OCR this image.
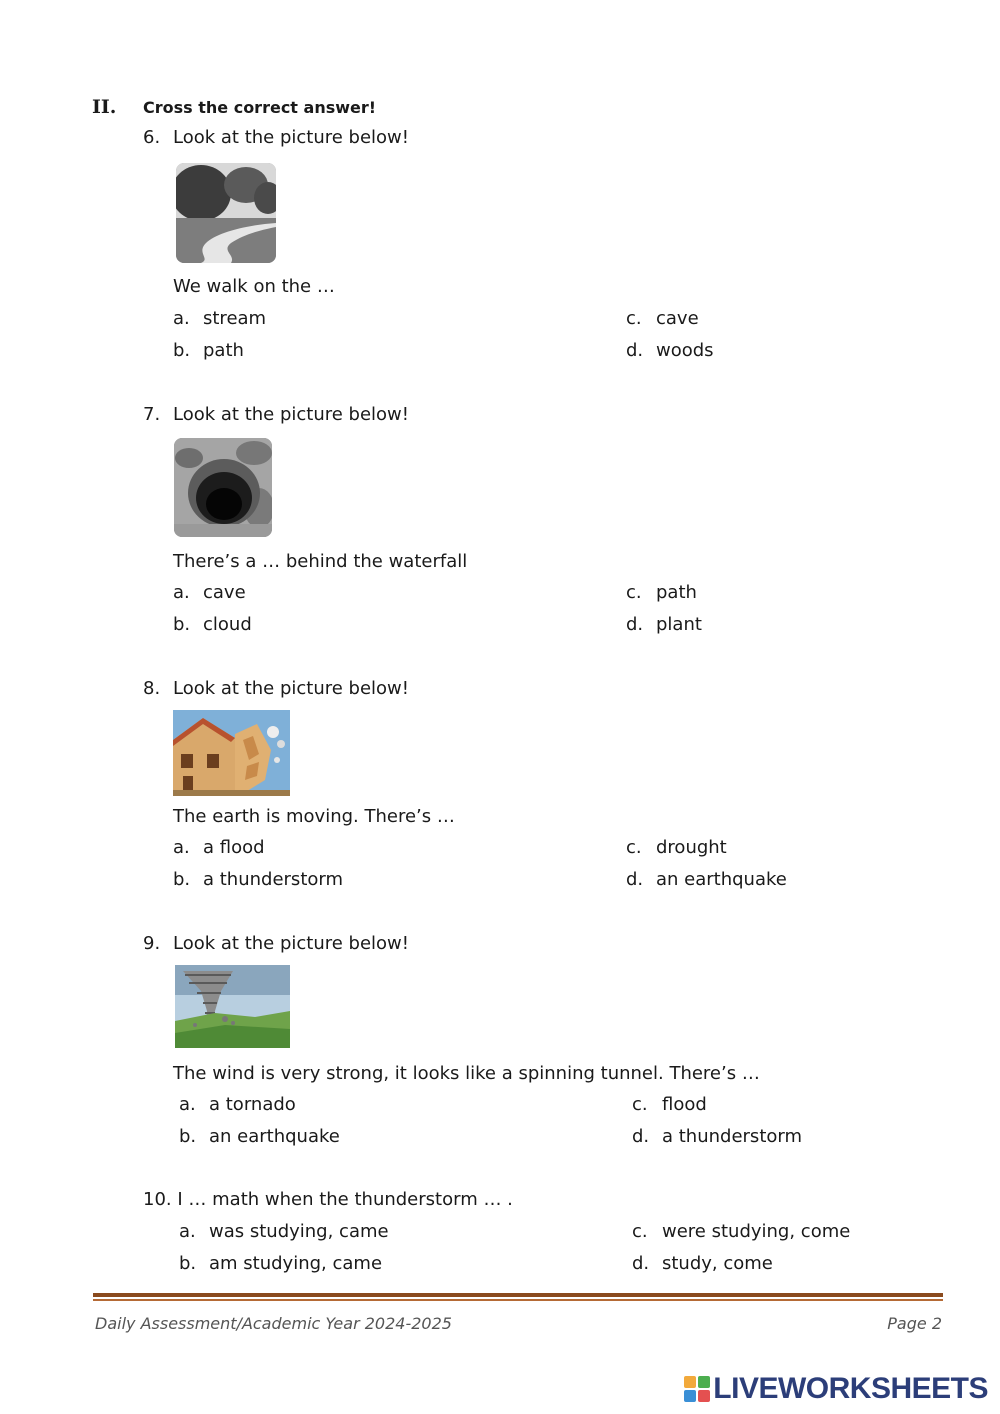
II. Cross the correct answer!
6. Look at the picture below!
We walk on the …
a. stream
b. path
c. cave
d. woods
7. Look at the picture below!
There’s a … behind the waterfall
a. cave
b. cloud
c. path
d. plant
8. Look at the picture below!
The earth is moving. There’s …
a. a flood
b. a thunderstorm
c. drought
d. an earthquake
9. Look at the picture below!
The wind is very strong, it looks like a spinning tunnel. There’s …
a. a tornado
b. an earthquake
c. flood
d. a thunderstorm
10. I … math when the thunderstorm … .
a. was studying, came
b. am studying, came
c. were studying, come
d. study, come
Daily Assessment/Academic Year 2024-2025	Page 2
LIVEWORKSHEETS
